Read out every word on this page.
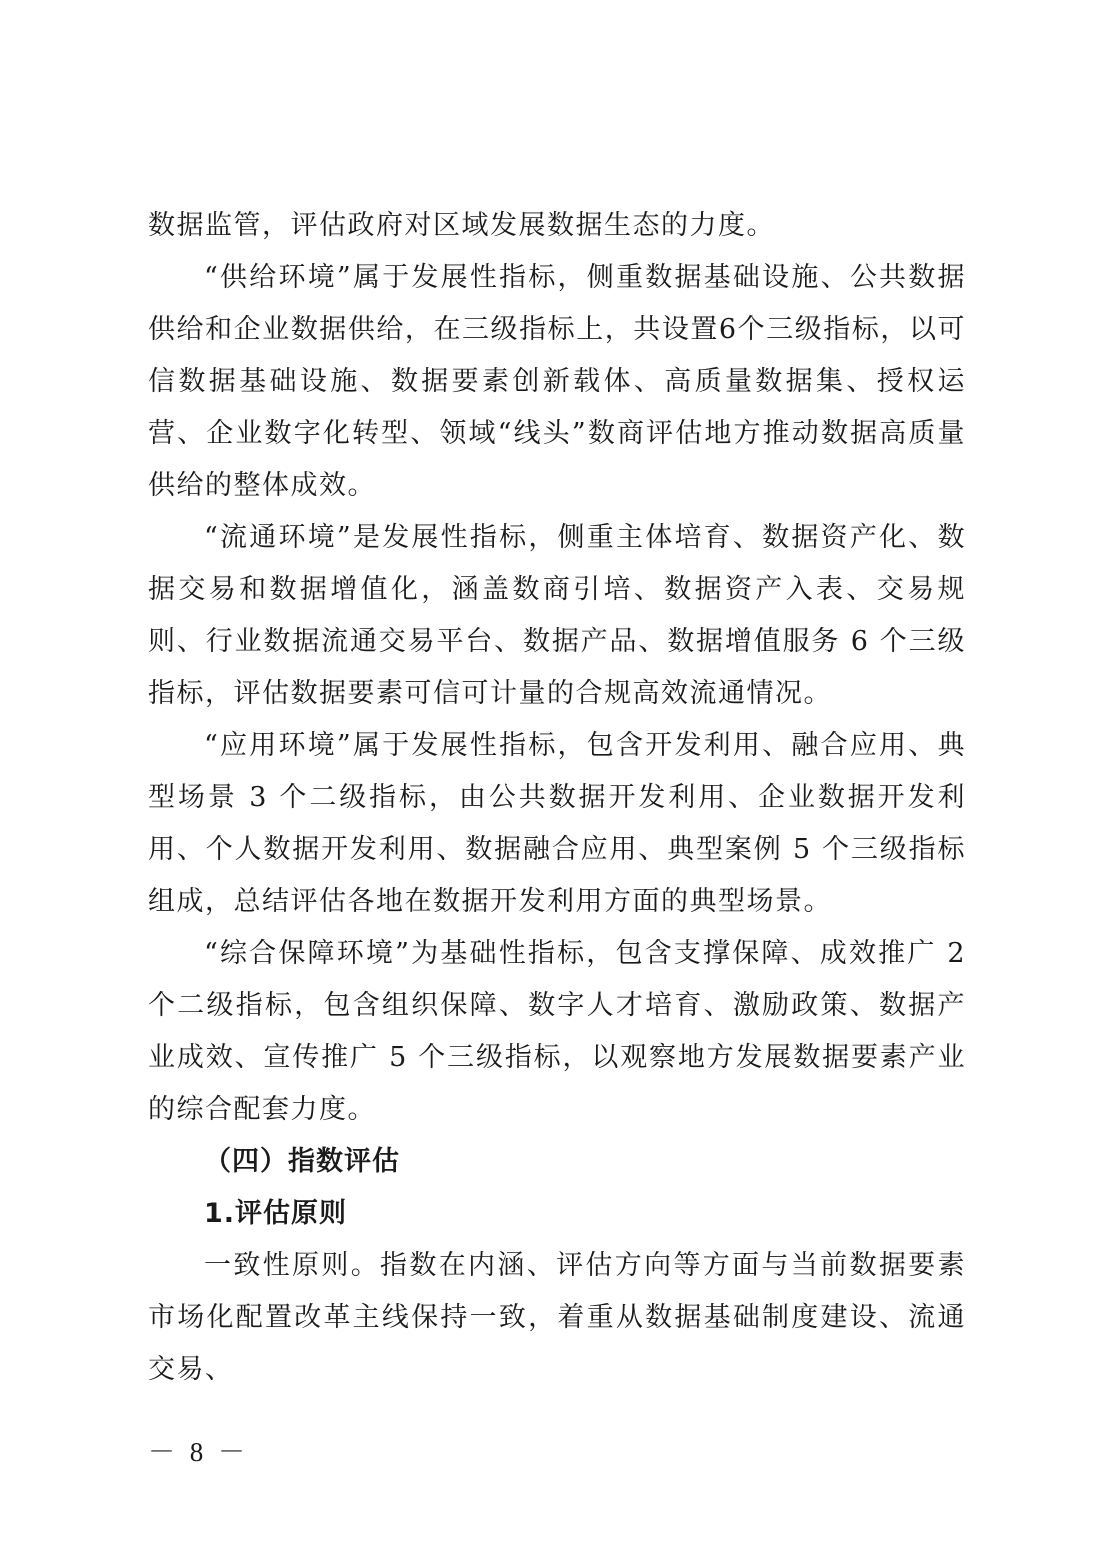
数据监管，评估政府对区域发展数据生态的力度。

“供给环境”属于发展性指标，侧重数据基础设施、公共数据供给和企业数据供给，在三级指标上，共设置6个三级指标，以可信数据基础设施、数据要素创新载体、高质量数据集、授权运营、企业数字化转型、领域“线头”数商评估地方推动数据高质量供给的整体成效。

“流通环境”是发展性指标，侧重主体培育、数据资产化、数据交易和数据增值化，涵盖数商引培、数据资产入表、交易规则、行业数据流通交易平台、数据产品、数据增值服务 6 个三级指标，评估数据要素可信可计量的合规高效流通情况。

“应用环境”属于发展性指标，包含开发利用、融合应用、典型场景 3 个二级指标，由公共数据开发利用、企业数据开发利用、个人数据开发利用、数据融合应用、典型案例 5 个三级指标组成，总结评估各地在数据开发利用方面的典型场景。

“综合保障环境”为基础性指标，包含支撑保障、成效推广 2 个二级指标，包含组织保障、数字人才培育、激励政策、数据产业成效、宣传推广 5 个三级指标，以观察地方发展数据要素产业的综合配套力度。

（四）指数评估

1.评估原则

一致性原则。指数在内涵、评估方向等方面与当前数据要素市场化配置改革主线保持一致，着重从数据基础制度建设、流通交易、

－ 8 －
